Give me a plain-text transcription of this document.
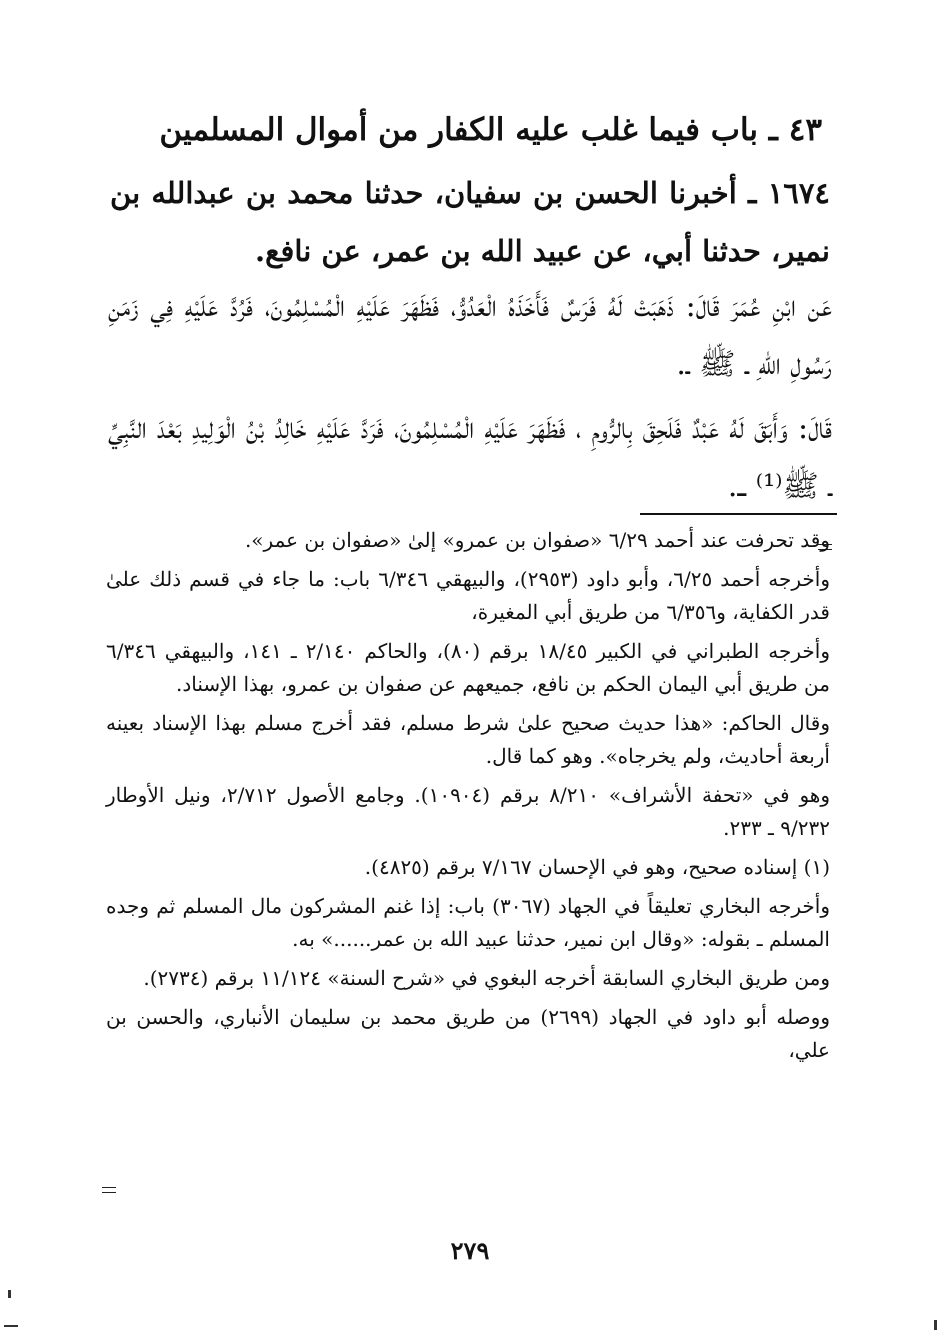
٤٣ ـ باب فيما غلب عليه الكفار من أموال المسلمين
١٦٧٤ ـ أخبرنا الحسن بن سفيان، حدثنا محمد بن عبدالله بن نمير، حدثنا أبي، عن عبيد الله بن عمر، عن نافع.
عَن ابْنِ عُمَرَ قَالَ: ذَهَبَتْ لَهُ فَرَسٌ فَأَخَذَهُ الْعَدُوُّ، فَظَهَرَ عَلَيْهِ الْمُسْلِمُونَ، فَرُدَّ عَلَيْهِ فِي زَمَنِ رَسُولِ اللهِ ـ ﷺ ـ.
قَالَ: وَأَبَقَ لَهُ عَبْدٌ فَلَحِقَ بِالرُّومِ ، فَظَهَرَ عَلَيْهِ الْمُسْلِمُونَ، فَرَدَّ عَلَيْهِ خَالِدُ بْنُ الْوَلِيدِ بَعْدَ النَّبِيِّ ـ ﷺ⁽¹⁾ ـ.

وقد تحرفت عند أحمد ٦/٢٩ «صفوان بن عمرو» إلىٰ «صفوان بن عمر».

وأخرجه أحمد ٦/٢٥، وأبو داود (٢٩٥٣)، والبيهقي ٦/٣٤٦ باب: ما جاء في قسم ذلك علىٰ قدر الكفاية، و٦/٣٥٦ من طريق أبي المغيرة،

وأخرجه الطبراني في الكبير ١٨/٤٥ برقم (٨٠)، والحاكم ٢/١٤٠ ـ ١٤١، والبيهقي ٦/٣٤٦ من طريق أبي اليمان الحكم بن نافع، جميعهم عن صفوان بن عمرو، بهذا الإسناد.

وقال الحاكم: «هذا حديث صحيح علىٰ شرط مسلم، فقد أخرج مسلم بهذا الإسناد بعينه أربعة أحاديث، ولم يخرجاه». وهو كما قال.

وهو في «تحفة الأشراف» ٨/٢١٠ برقم (١٠٩٠٤). وجامع الأصول ٢/٧١٢، ونيل الأوطار ٩/٢٣٢ ـ ٢٣٣.

(١) إسناده صحيح، وهو في الإحسان ٧/١٦٧ برقم (٤٨٢٥).

وأخرجه البخاري تعليقاً في الجهاد (٣٠٦٧) باب: إذا غنم المشركون مال المسلم ثم وجده المسلم ـ بقوله: «وقال ابن نمير، حدثنا عبيد الله بن عمر......» به.

ومن طريق البخاري السابقة أخرجه البغوي في «شرح السنة» ١١/١٢٤ برقم (٢٧٣٤).

ووصله أبو داود في الجهاد (٢٦٩٩) من طريق محمد بن سليمان الأنباري، والحسن بن علي،

٢٧٩
